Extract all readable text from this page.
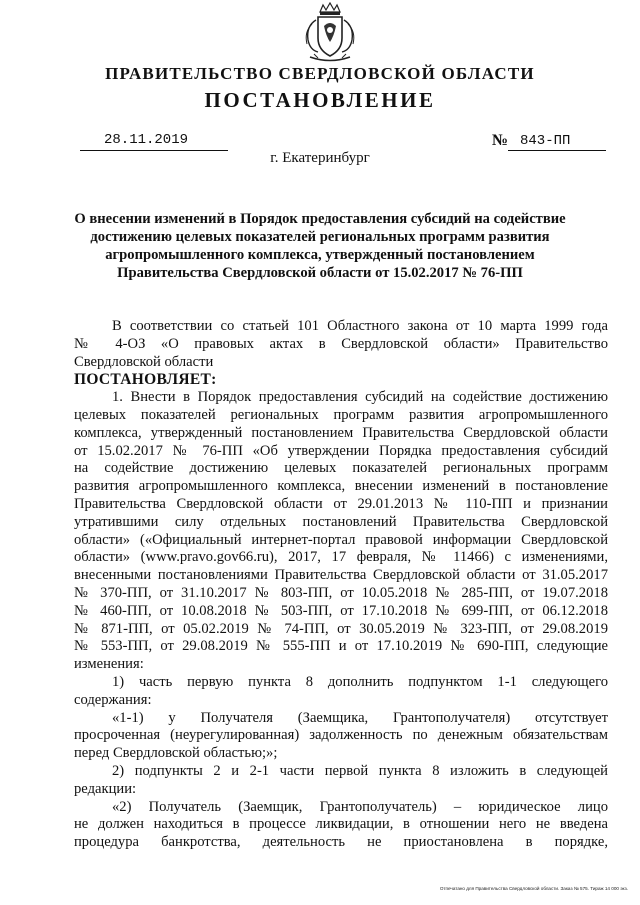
ПРАВИТЕЛЬСТВО СВЕРДЛОВСКОЙ ОБЛАСТИ
ПОСТАНОВЛЕНИЕ
28.11.2019	№ 843-ПП
г. Екатеринбург
О внесении изменений в Порядок предоставления субсидий на содействие
достижению целевых показателей региональных программ развития
агропромышленного комплекса, утвержденный постановлением
Правительства Свердловской области от 15.02.2017 № 76-ПП
В соответствии со статьей 101 Областного закона от 10 марта 1999 года
№ 4-ОЗ «О правовых актах в Свердловской области» Правительство
Свердловской области
ПОСТАНОВЛЯЕТ:
1. Внести в Порядок предоставления субсидий на содействие достижению
целевых показателей региональных программ развития агропромышленного
комплекса, утвержденный постановлением Правительства Свердловской области
от 15.02.2017 № 76-ПП «Об утверждении Порядка предоставления субсидий
на содействие достижению целевых показателей региональных программ
развития агропромышленного комплекса, внесении изменений в постановление
Правительства Свердловской области от 29.01.2013 № 110-ПП и признании
утратившими силу отдельных постановлений Правительства Свердловской
области» («Официальный интернет-портал правовой информации Свердловской
области» (www.pravo.gov66.ru), 2017, 17 февраля, № 11466) с изменениями,
внесенными постановлениями Правительства Свердловской области от 31.05.2017
№ 370-ПП, от 31.10.2017 № 803-ПП, от 10.05.2018 № 285-ПП, от 19.07.2018
№ 460-ПП, от 10.08.2018 № 503-ПП, от 17.10.2018 № 699-ПП, от 06.12.2018
№ 871-ПП, от 05.02.2019 № 74-ПП, от 30.05.2019 № 323-ПП, от 29.08.2019
№ 553-ПП, от 29.08.2019 № 555-ПП и от 17.10.2019 № 690-ПП, следующие
изменения:
1) часть первую пункта 8 дополнить подпунктом 1-1 следующего
содержания:
«1-1) у Получателя (Заемщика, Грантополучателя) отсутствует
просроченная (неурегулированная) задолженность по денежным обязательствам
перед Свердловской областью;»;
2) подпункты 2 и 2-1 части первой пункта 8 изложить в следующей
редакции:
«2) Получатель (Заемщик, Грантополучатель) – юридическое лицо
не должен находиться в процессе ликвидации, в отношении него не введена
процедура банкротства, деятельность не приостановлена в порядке,
Отпечатано для Правительства Свердловской области. Заказ № 575. Тираж 14 000 экз.
